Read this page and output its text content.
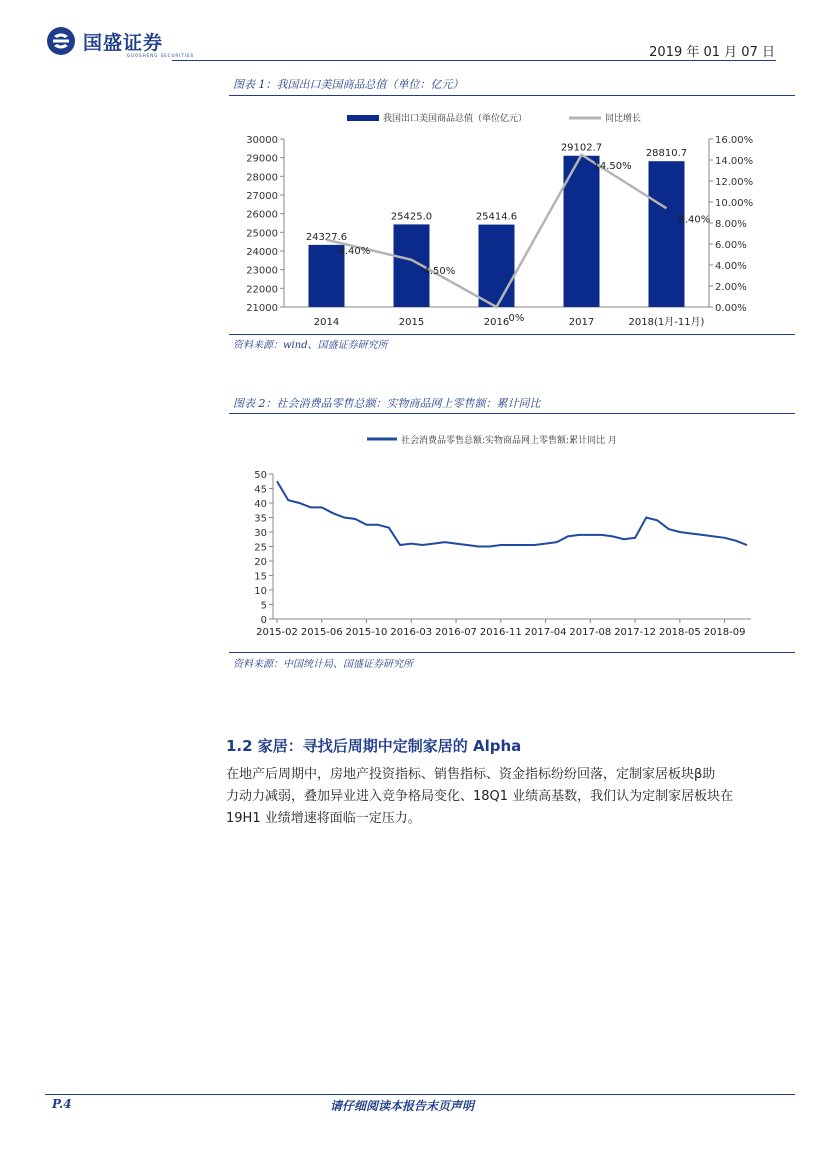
国盛证券
GUOSHENG SECURITIES	2019 年 01 月 07 日
图表 1：我国出口美国商品总值（单位：亿元）
我国出口美国商品总值（单位亿元）	同比增长
30000
29000
28000
27000
26000
25000
24000
23000
22000
21000
16.00%
14.00%
12.00%
10.00%
8.00%
6.00%
4.00%
2.00%
0.00%
24327.6
25425.0	25414.6
29102.7	28810.7
6.40%
4.50%
0%
14.50%
9.40%
2014	2015	2016	2017	2018(1月-11月)
资料来源：wind、国盛证券研究所
图表 2：社会消费品零售总额：实物商品网上零售额：累计同比
社会消费品零售总额:实物商品网上零售额:累计同比 月
50
45
40
35
30
25
20
15
10
5
0
2015-02 2015-06 2015-10 2016-03 2016-07 2016-11 2017-04 2017-08 2017-12 2018-05 2018-09
资料来源：中国统计局、国盛证券研究所
1.2 家居：寻找后周期中定制家居的 Alpha
在地产后周期中，房地产投资指标、销售指标、资金指标纷纷回落，定制家居板块β助
力动力减弱，叠加异业进入竞争格局变化、18Q1 业绩高基数，我们认为定制家居板块在
19H1 业绩增速将面临一定压力。
P.4	请仔细阅读本报告末页声明
